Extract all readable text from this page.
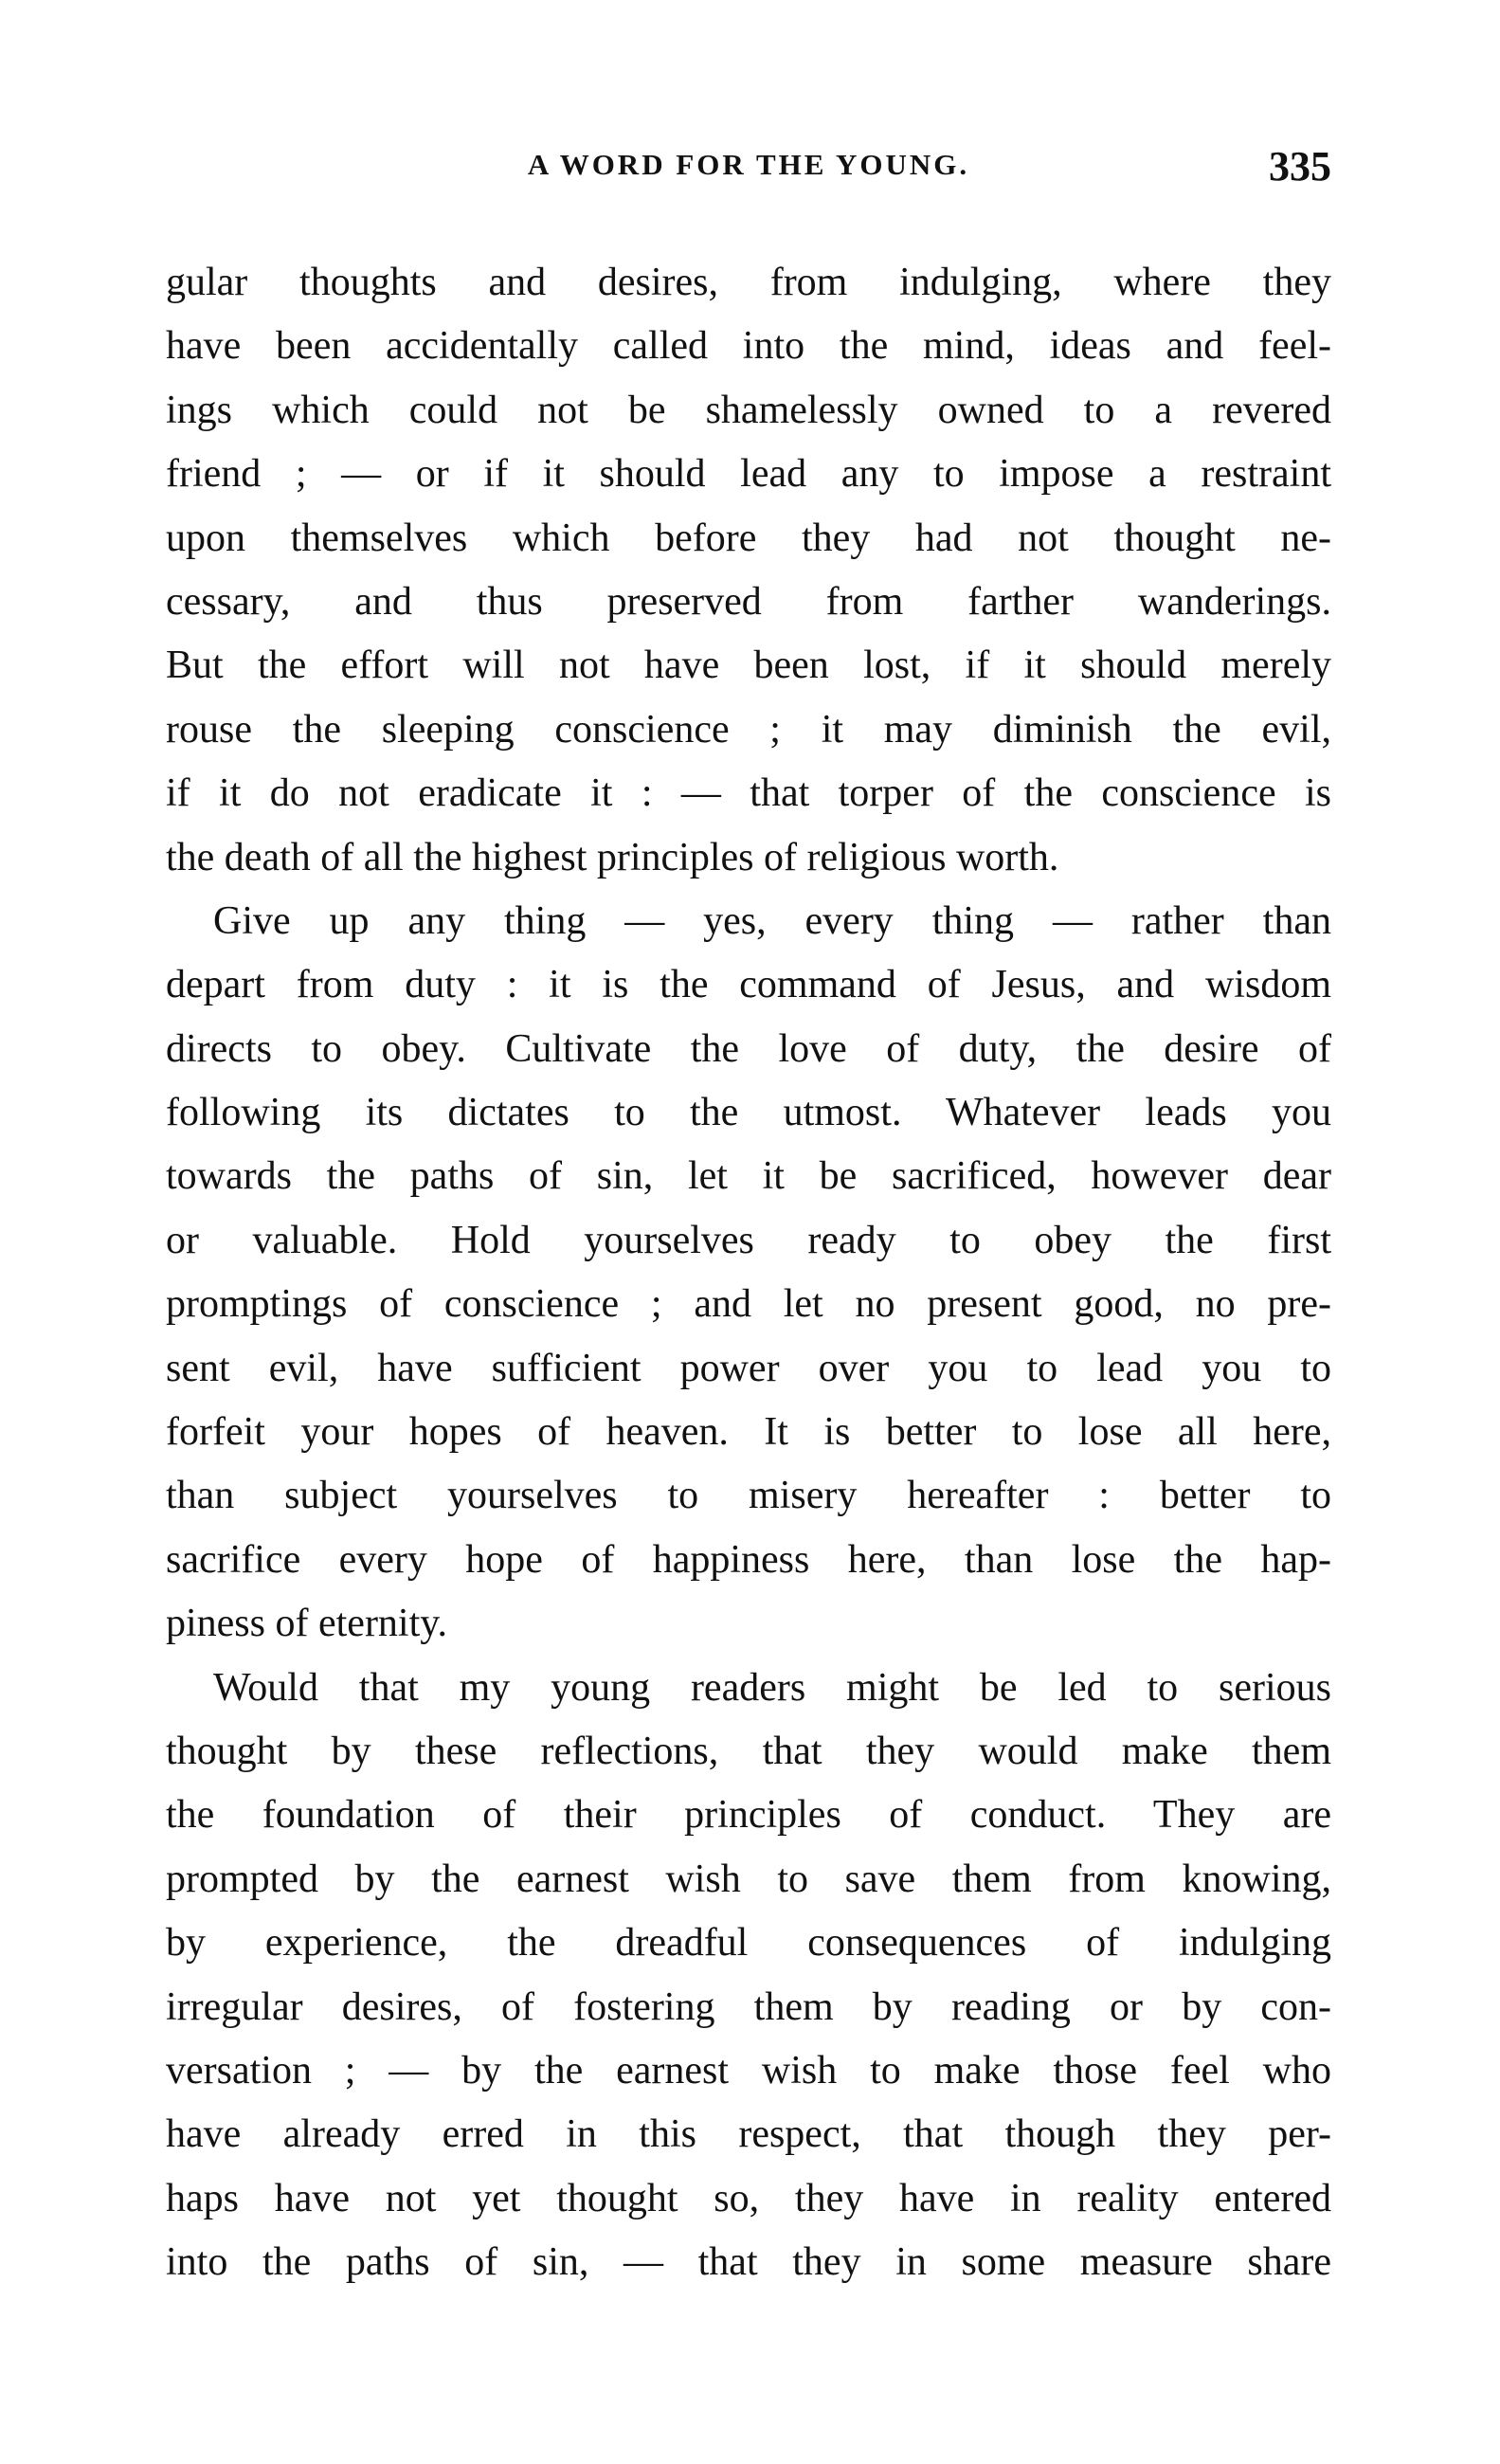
A WORD FOR THE YOUNG.	335
gular thoughts and desires, from indulging, where they
have been accidentally called into the mind, ideas and feel-
ings which could not be shamelessly owned to a revered
friend ; — or if it should lead any to impose a restraint
upon themselves which before they had not thought ne-
cessary, and thus preserved from farther wanderings.
But the effort will not have been lost, if it should merely
rouse the sleeping conscience ; it may diminish the evil,
if it do not eradicate it : — that torper of the conscience is
the death of all the highest principles of religious worth.
Give up any thing — yes, every thing — rather than
depart from duty : it is the command of Jesus, and wisdom
directs to obey. Cultivate the love of duty, the desire of
following its dictates to the utmost. Whatever leads you
towards the paths of sin, let it be sacrificed, however dear
or valuable. Hold yourselves ready to obey the first
promptings of conscience ; and let no present good, no pre-
sent evil, have sufficient power over you to lead you to
forfeit your hopes of heaven. It is better to lose all here,
than subject yourselves to misery hereafter : better to
sacrifice every hope of happiness here, than lose the hap-
piness of eternity.
Would that my young readers might be led to serious
thought by these reflections, that they would make them
the foundation of their principles of conduct. They are
prompted by the earnest wish to save them from knowing,
by experience, the dreadful consequences of indulging
irregular desires, of fostering them by reading or by con-
versation ; — by the earnest wish to make those feel who
have already erred in this respect, that though they per-
haps have not yet thought so, they have in reality entered
into the paths of sin, — that they in some measure share
